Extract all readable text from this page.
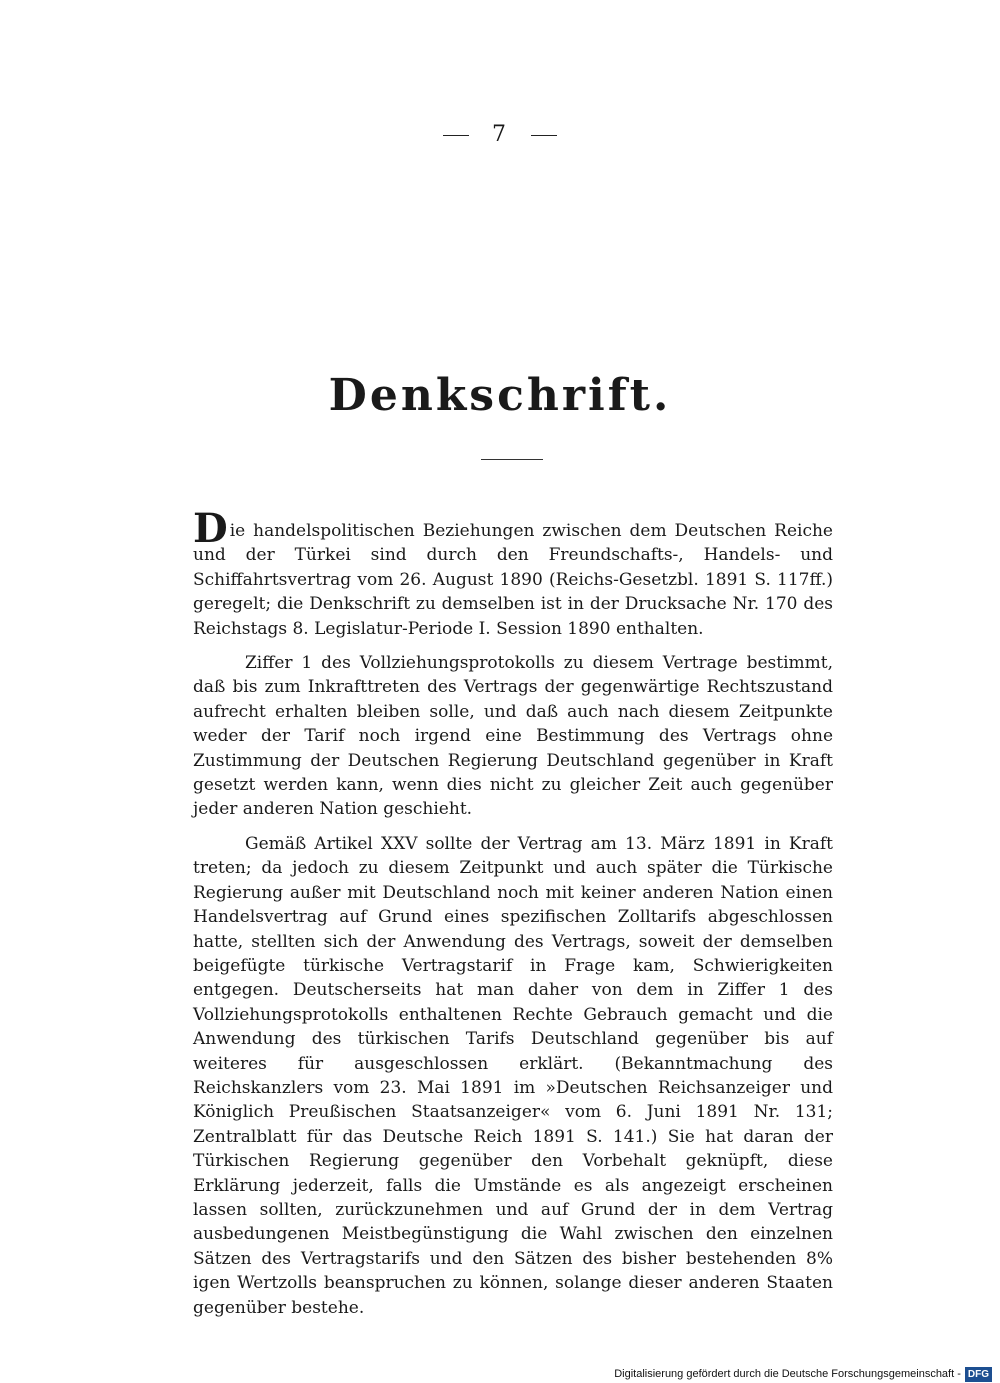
7
Denkschrift.

Die handelspolitischen Beziehungen zwischen dem Deutschen Reiche und der Türkei sind durch den Freundschafts-, Handels- und Schiffahrtsvertrag vom 26. August 1890 (Reichs-Gesetzbl. 1891 S. 117ff.) geregelt; die Denkschrift zu demselben ist in der Drucksache Nr. 170 des Reichstags 8. Legislatur-Periode I. Session 1890 enthalten.

Ziffer 1 des Vollziehungsprotokolls zu diesem Vertrage bestimmt, daß bis zum Inkrafttreten des Vertrags der gegenwärtige Rechtszustand aufrecht erhalten bleiben solle, und daß auch nach diesem Zeitpunkte weder der Tarif noch irgend eine Bestimmung des Vertrags ohne Zustimmung der Deutschen Regierung Deutschland gegenüber in Kraft gesetzt werden kann, wenn dies nicht zu gleicher Zeit auch gegenüber jeder anderen Nation geschieht.

Gemäß Artikel XXV sollte der Vertrag am 13. März 1891 in Kraft treten; da jedoch zu diesem Zeitpunkt und auch später die Türkische Regierung außer mit Deutschland noch mit keiner anderen Nation einen Handelsvertrag auf Grund eines spezifischen Zolltarifs abgeschlossen hatte, stellten sich der Anwendung des Vertrags, soweit der demselben beigefügte türkische Vertragstarif in Frage kam, Schwierigkeiten entgegen. Deutscherseits hat man daher von dem in Ziffer 1 des Vollziehungsprotokolls enthaltenen Rechte Gebrauch gemacht und die Anwendung des türkischen Tarifs Deutschland gegenüber bis auf weiteres für ausgeschlossen erklärt. (Bekanntmachung des Reichskanzlers vom 23. Mai 1891 im »Deutschen Reichsanzeiger und Königlich Preußischen Staatsanzeiger« vom 6. Juni 1891 Nr. 131; Zentralblatt für das Deutsche Reich 1891 S. 141.) Sie hat daran der Türkischen Regierung gegenüber den Vorbehalt geknüpft, diese Erklärung jederzeit, falls die Umstände es als angezeigt erscheinen lassen sollten, zurückzunehmen und auf Grund der in dem Vertrag ausbedungenen Meistbegünstigung die Wahl zwischen den einzelnen Sätzen des Vertragstarifs und den Sätzen des bisher bestehenden 8% igen Wertzolls beanspruchen zu können, solange dieser anderen Staaten gegenüber bestehe.

Digitalisierung gefördert durch die Deutsche Forschungsgemeinschaft - DFG
